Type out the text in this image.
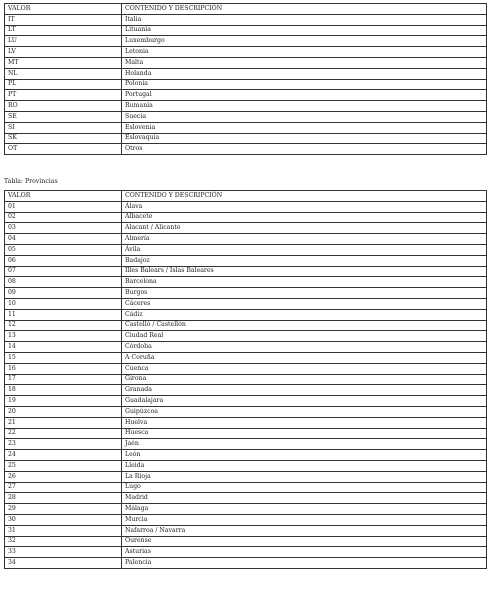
VALOR	CONTENIDO Y DESCRIPCIÓN
IT	Italia
LT	Lituania
LU	Luxemburgo
LV	Letonia
MT	Malta
NL	Holanda
PL	Polonia
PT	Portugal
RO	Rumanía
SE	Suecia
SI	Eslovenia
SK	Eslovaquia
OT	Otros
Tabla: Provincias
VALOR	CONTENIDO Y DESCRIPCIÓN
01	Álava
02	Albacete
03	Alacant / Alicante
04	Almería
05	Ávila
06	Badajoz
07	Illes Balears / Islas Baleares
08	Barcelona
09	Burgos
10	Cáceres
11	Cádiz
12	Castelló / Castellón
13	Ciudad Real
14	Córdoba
15	A Coruña
16	Cuenca
17	Girona
18	Granada
19	Guadalajara
20	Guipúzcoa
21	Huelva
22	Huesca
23	Jaén
24	León
25	Lleida
26	La Rioja
27	Lugo
28	Madrid
29	Málaga
30	Murcia
31	Nafarroa / Navarra
32	Ourense
33	Asturias
34	Palencia
